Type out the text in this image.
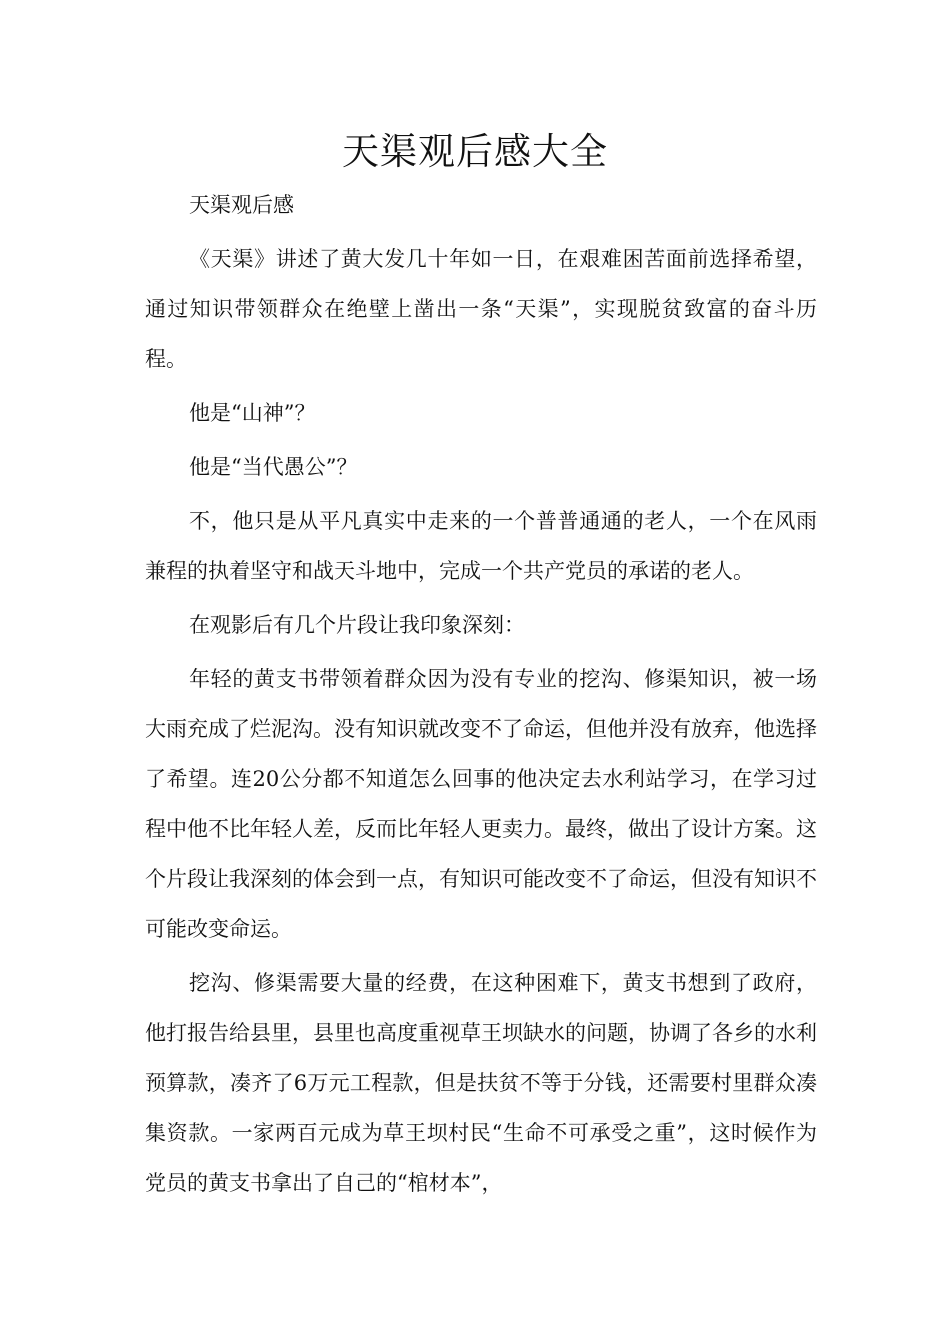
天渠观后感大全

天渠观后感

《天渠》讲述了黄大发几十年如一日，在艰难困苦面前选择希望，通过知识带领群众在绝壁上凿出一条“天渠”，实现脱贫致富的奋斗历程。

他是“山神”？

他是“当代愚公”？

不，他只是从平凡真实中走来的一个普普通通的老人，一个在风雨兼程的执着坚守和战天斗地中，完成一个共产党员的承诺的老人。

在观影后有几个片段让我印象深刻：

年轻的黄支书带领着群众因为没有专业的挖沟、修渠知识，被一场大雨充成了烂泥沟。没有知识就改变不了命运，但他并没有放弃，他选择了希望。连20公分都不知道怎么回事的他决定去水利站学习，在学习过程中他不比年轻人差，反而比年轻人更卖力。最终，做出了设计方案。这个片段让我深刻的体会到一点，有知识可能改变不了命运，但没有知识不可能改变命运。

挖沟、修渠需要大量的经费，在这种困难下，黄支书想到了政府，他打报告给县里，县里也高度重视草王坝缺水的问题，协调了各乡的水利预算款，凑齐了6万元工程款，但是扶贫不等于分钱，还需要村里群众凑集资款。一家两百元成为草王坝村民“生命不可承受之重”，这时候作为党员的黄支书拿出了自己的“棺材本”，
